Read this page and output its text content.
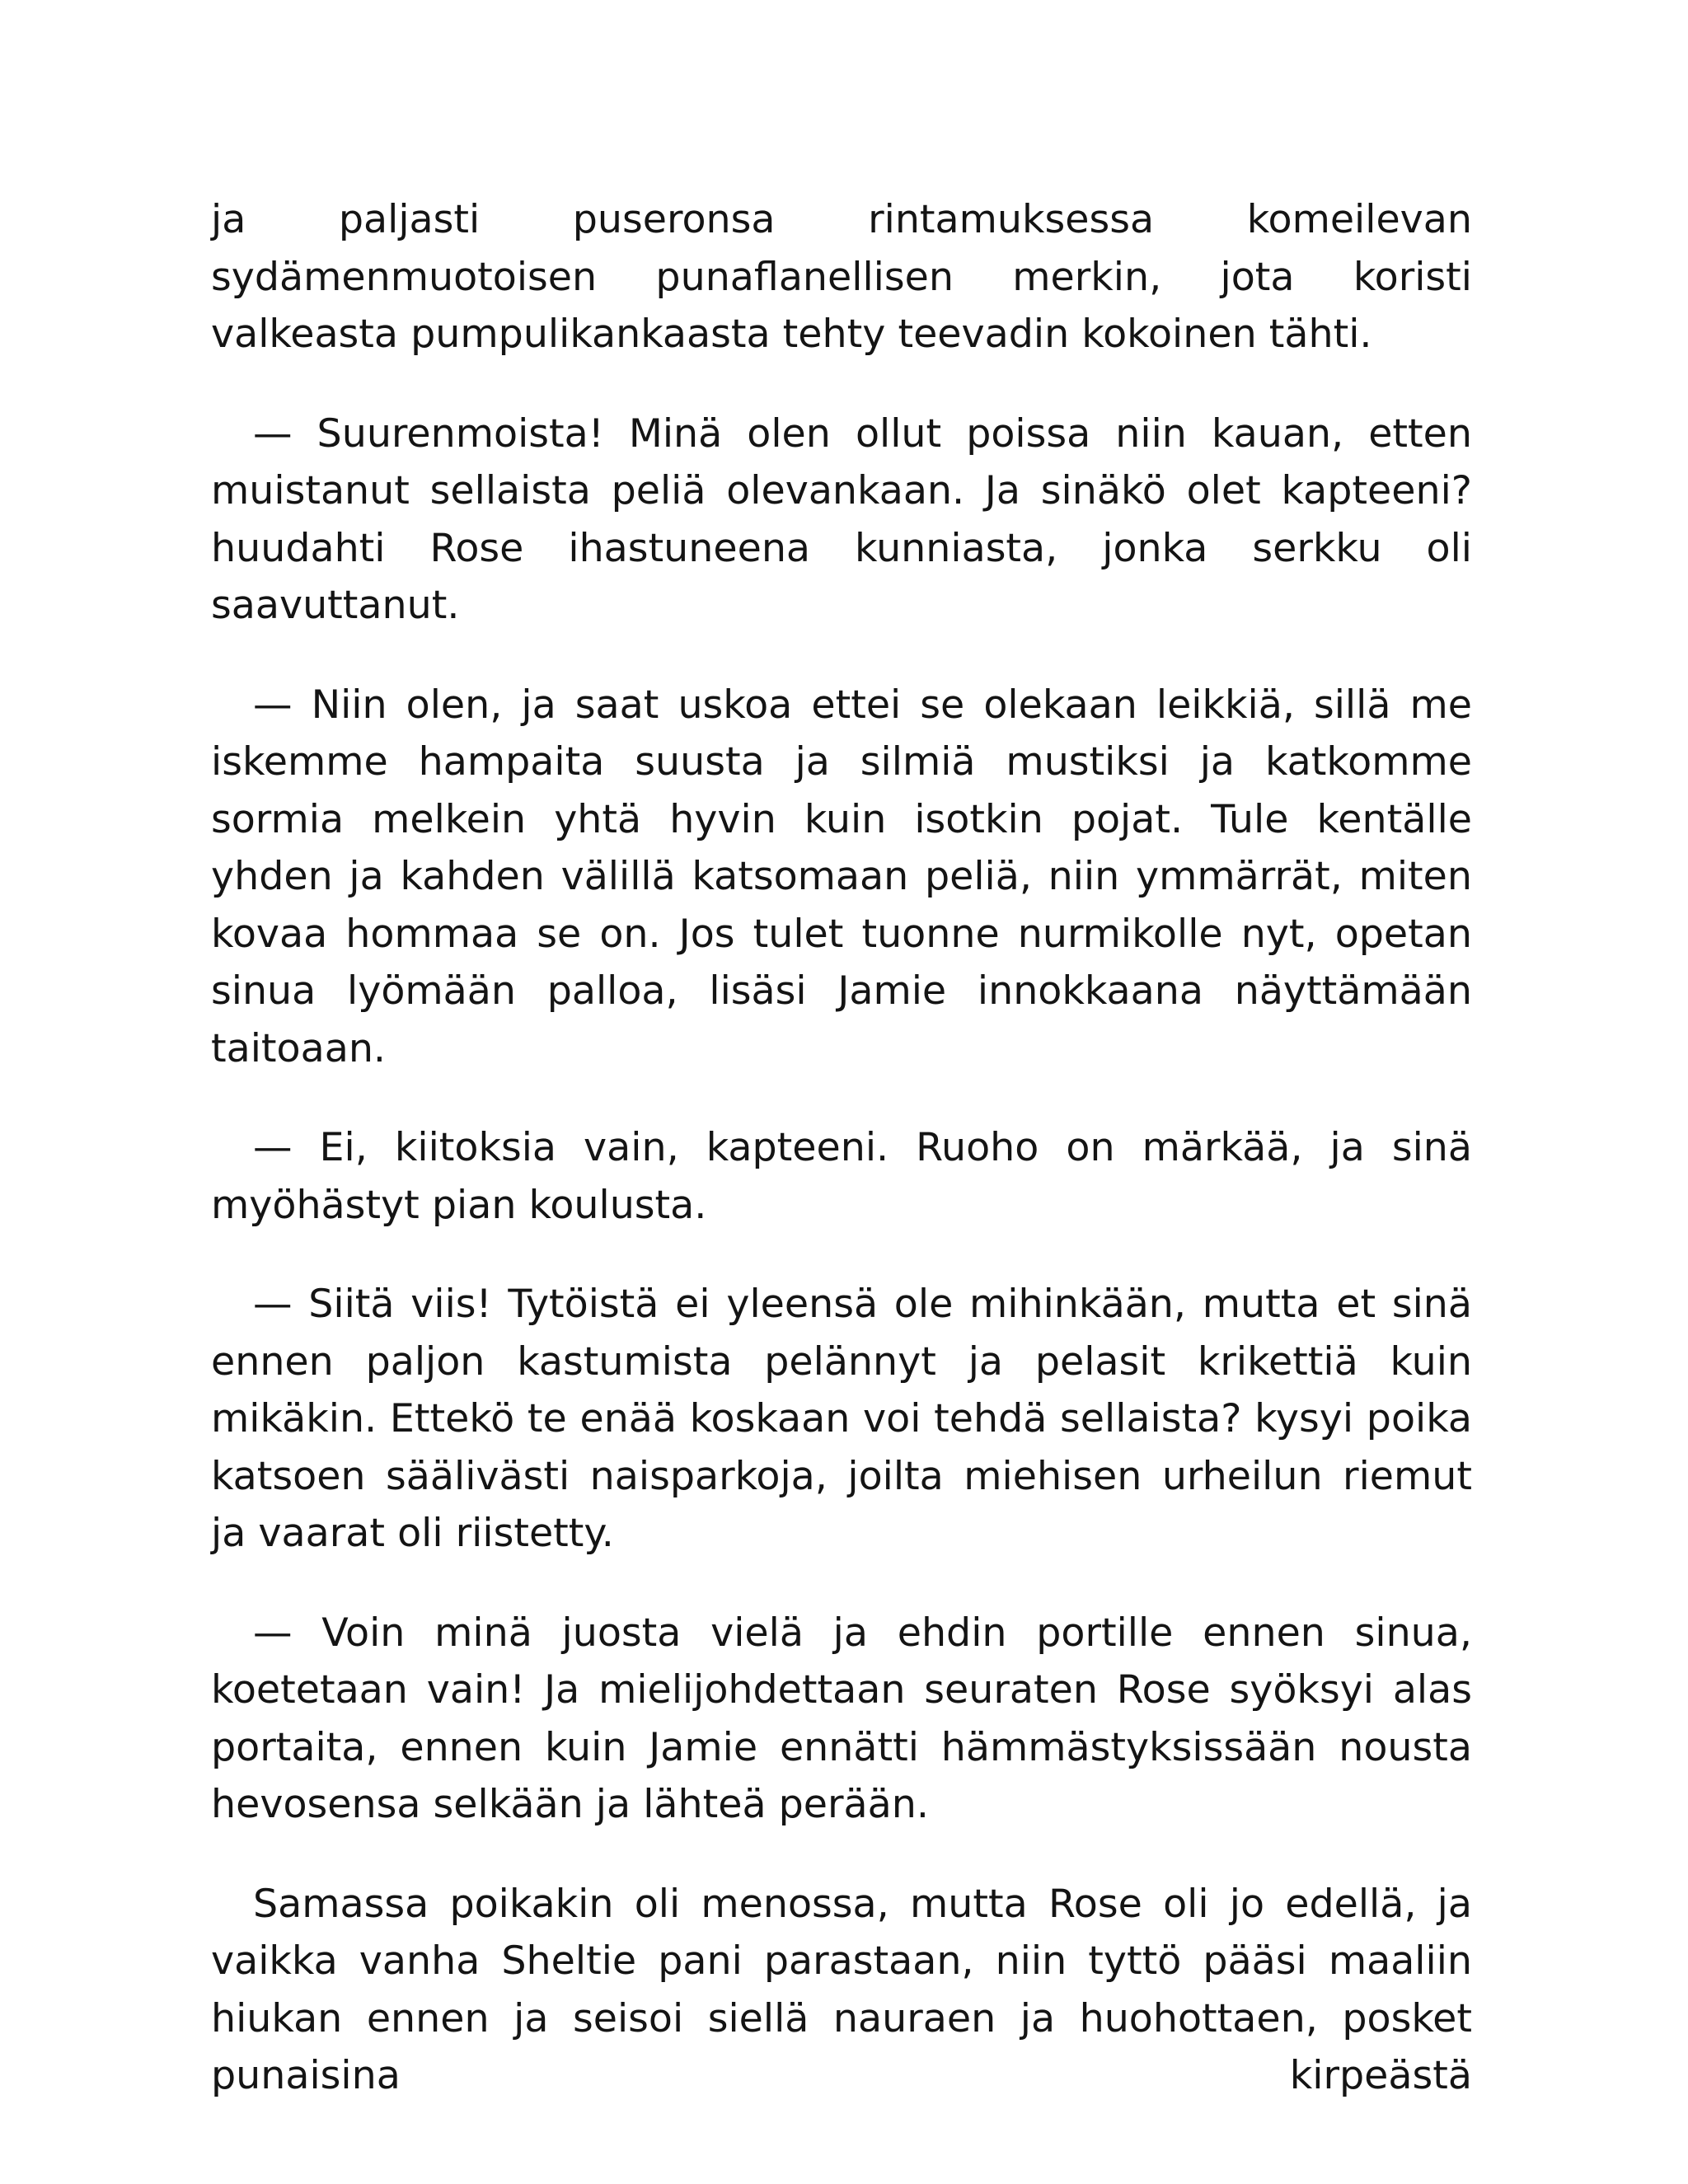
ja paljasti puseronsa rintamuksessa komeilevan sydämenmuotoisen punaflanellisen merkin, jota koristi valkeasta pumpulikankaasta tehty teevadin kokoinen tähti.

— Suurenmoista! Minä olen ollut poissa niin kauan, etten muistanut sellaista peliä olevankaan. Ja sinäkö olet kapteeni? huudahti Rose ihastuneena kunniasta, jonka serkku oli saavuttanut.

— Niin olen, ja saat uskoa ettei se olekaan leikkiä, sillä me iskemme hampaita suusta ja silmiä mustiksi ja katkomme sormia melkein yhtä hyvin kuin isotkin pojat. Tule kentälle yhden ja kahden välillä katsomaan peliä, niin ymmärrät, miten kovaa hommaa se on. Jos tulet tuonne nurmikolle nyt, opetan sinua lyömään palloa, lisäsi Jamie innokkaana näyttämään taitoaan.

— Ei, kiitoksia vain, kapteeni. Ruoho on märkää, ja sinä myöhästyt pian koulusta.

— Siitä viis! Tytöistä ei yleensä ole mihinkään, mutta et sinä ennen paljon kastumista pelännyt ja pelasit krikettiä kuin mikäkin. Ettekö te enää koskaan voi tehdä sellaista? kysyi poika katsoen säälivästi naisparkoja, joilta miehisen urheilun riemut ja vaarat oli riistetty.

— Voin minä juosta vielä ja ehdin portille ennen sinua, koetetaan vain! Ja mielijohdettaan seuraten Rose syöksyi alas portaita, ennen kuin Jamie ennätti hämmästyksissään nousta hevosensa selkään ja lähteä perään.

Samassa poikakin oli menossa, mutta Rose oli jo edellä, ja vaikka vanha Sheltie pani parastaan, niin tyttö pääsi maaliin hiukan ennen ja seisoi siellä nauraen ja huohottaen, posket punaisina kirpeästä
